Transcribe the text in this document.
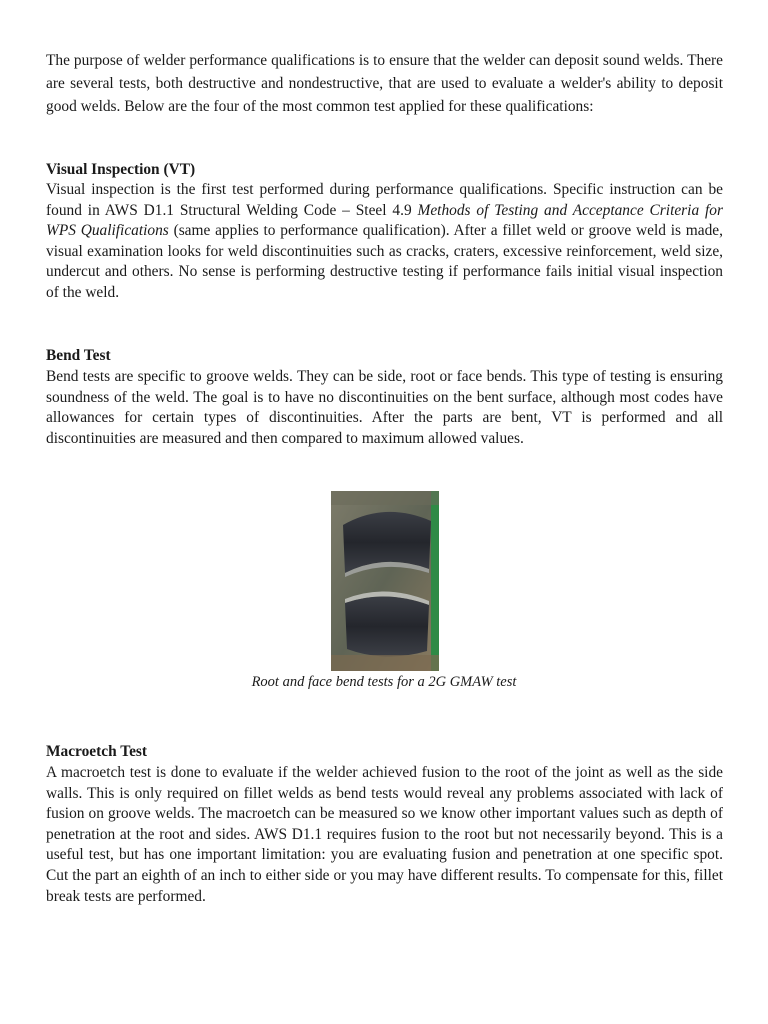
The purpose of welder performance qualifications is to ensure that the welder can deposit sound welds. There are several tests, both destructive and nondestructive, that are used to evaluate a welder's ability to deposit good welds. Below are the four of the most common test applied for these qualifications:

Visual Inspection (VT)

Visual inspection is the first test performed during performance qualifications. Specific instruction can be found in AWS D1.1 Structural Welding Code – Steel 4.9 Methods of Testing and Acceptance Criteria for WPS Qualifications (same applies to performance qualification). After a fillet weld or groove weld is made, visual examination looks for weld discontinuities such as cracks, craters, excessive reinforcement, weld size, undercut and others. No sense is performing destructive testing if performance fails initial visual inspection of the weld.

Bend Test

Bend tests are specific to groove welds. They can be side, root or face bends. This type of testing is ensuring soundness of the weld. The goal is to have no discontinuities on the bent surface, although most codes have allowances for certain types of discontinuities. After the parts are bent, VT is performed and all discontinuities are measured and then compared to maximum allowed values.

Root and face bend tests for a 2G GMAW test

Macroetch Test

A macroetch test is done to evaluate if the welder achieved fusion to the root of the joint as well as the side walls. This is only required on fillet welds as bend tests would reveal any problems associated with lack of fusion on groove welds. The macroetch can be measured so we know other important values such as depth of penetration at the root and sides. AWS D1.1 requires fusion to the root but not necessarily beyond. This is a useful test, but has one important limitation: you are evaluating fusion and penetration at one specific spot. Cut the part an eighth of an inch to either side or you may have different results. To compensate for this, fillet break tests are performed.
